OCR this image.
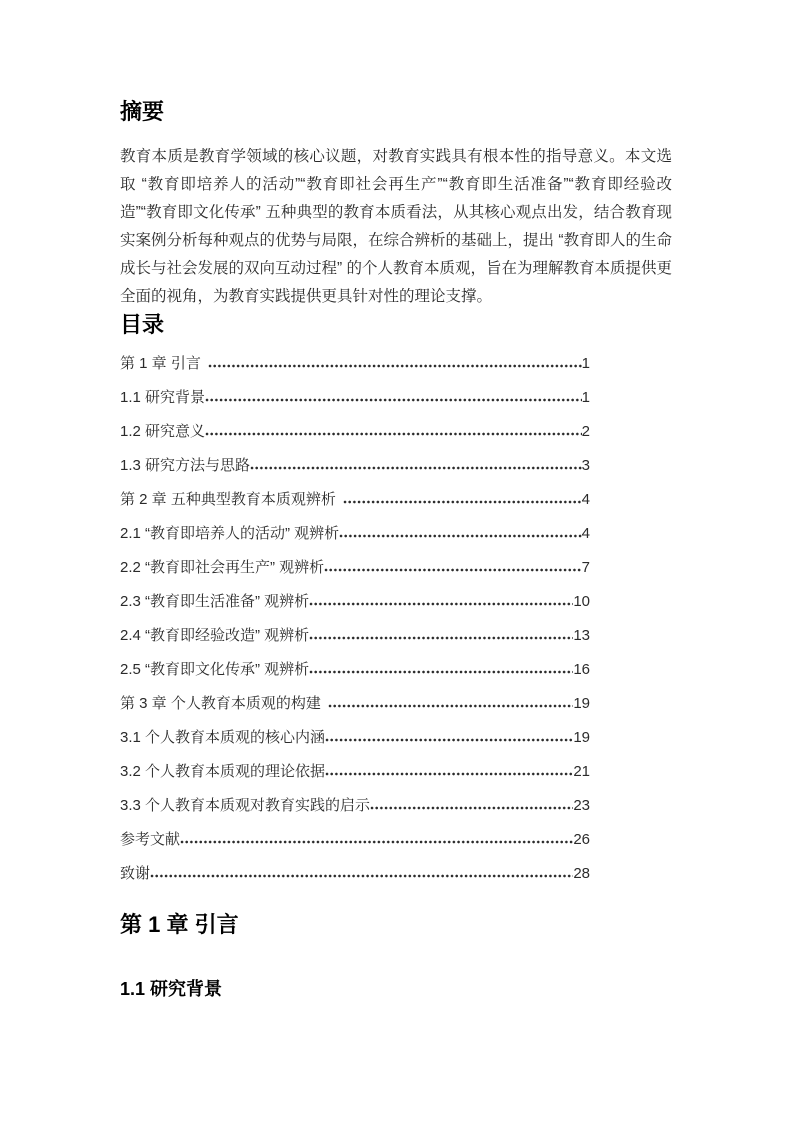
摘要

教育本质是教育学领域的核心议题，对教育实践具有根本性的指导意义。本文选取 “教育即培养人的活动”“教育即社会再生产”“教育即生活准备”“教育即经验改造”“教育即文化传承” 五种典型的教育本质看法，从其核心观点出发，结合教育现实案例分析每种观点的优势与局限，在综合辨析的基础上，提出 “教育即人的生命成长与社会发展的双向互动过程” 的个人教育本质观，旨在为理解教育本质提供更全面的视角，为教育实践提供更具针对性的理论支撑。

目录
第 1 章 引言	1
1.1 研究背景	1
1.2 研究意义	2
1.3 研究方法与思路	3
第 2 章 五种典型教育本质观辨析	4
2.1 “教育即培养人的活动” 观辨析	4
2.2 “教育即社会再生产” 观辨析	7
2.3 “教育即生活准备” 观辨析	10
2.4 “教育即经验改造” 观辨析	13
2.5 “教育即文化传承” 观辨析	16
第 3 章 个人教育本质观的构建	19
3.1 个人教育本质观的核心内涵	19
3.2 个人教育本质观的理论依据	21
3.3 个人教育本质观对教育实践的启示	23
参考文献	26
致谢	28
第 1 章 引言
1.1 研究背景
